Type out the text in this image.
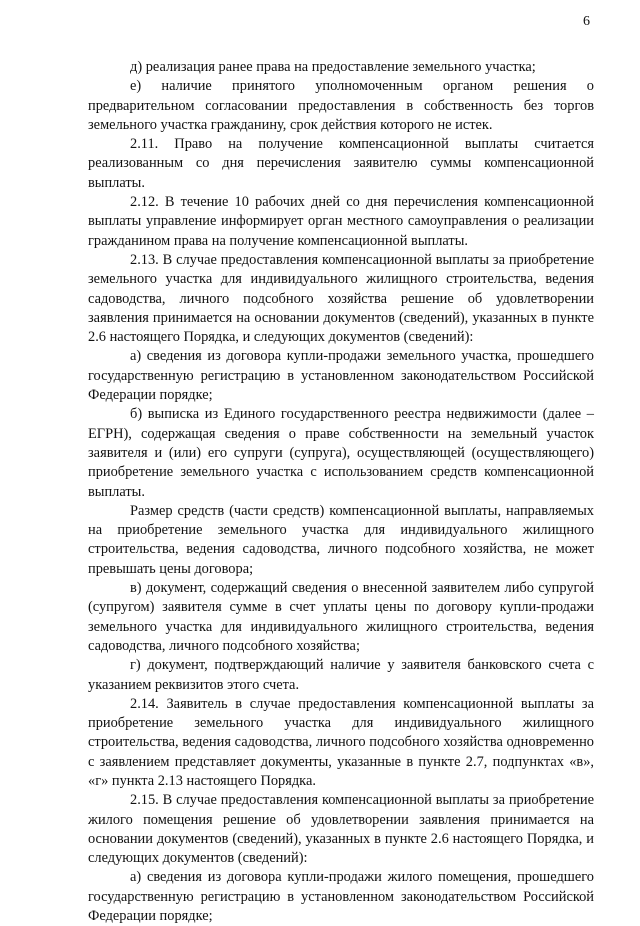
6

д) реализация ранее права на предоставление земельного участка;

е) наличие принятого уполномоченным органом решения о предварительном согласовании предоставления в собственность без торгов земельного участка гражданину, срок действия которого не истек.

2.11. Право на получение компенсационной выплаты считается реализованным со дня перечисления заявителю суммы компенсационной выплаты.

2.12. В течение 10 рабочих дней со дня перечисления компенсационной выплаты управление информирует орган местного самоуправления о реализации гражданином права на получение компенсационной выплаты.

2.13. В случае предоставления компенсационной выплаты за приобретение земельного участка для индивидуального жилищного строительства, ведения садоводства, личного подсобного хозяйства решение об удовлетворении заявления принимается на основании документов (сведений), указанных в пункте 2.6 настоящего Порядка, и следующих документов (сведений):

а) сведения из договора купли-продажи земельного участка, прошедшего государственную регистрацию в установленном законодательством Российской Федерации порядке;

б) выписка из Единого государственного реестра недвижимости (далее – ЕГРН), содержащая сведения о праве собственности на земельный участок заявителя и (или) его супруги (супруга), осуществляющей (осуществляющего) приобретение земельного участка с использованием средств компенсационной выплаты.

Размер средств (части средств) компенсационной выплаты, направляемых на приобретение земельного участка для индивидуального жилищного строительства, ведения садоводства, личного подсобного хозяйства, не может превышать цены договора;

в) документ, содержащий сведения о внесенной заявителем либо супругой (супругом) заявителя сумме в счет уплаты цены по договору купли-продажи земельного участка для индивидуального жилищного строительства, ведения садоводства, личного подсобного хозяйства;

г) документ, подтверждающий наличие у заявителя банковского счета с указанием реквизитов этого счета.

2.14. Заявитель в случае предоставления компенсационной выплаты за приобретение земельного участка для индивидуального жилищного строительства, ведения садоводства, личного подсобного хозяйства одновременно с заявлением представляет документы, указанные в пункте 2.7, подпунктах «в», «г» пункта 2.13 настоящего Порядка.

2.15. В случае предоставления компенсационной выплаты за приобретение жилого помещения решение об удовлетворении заявления принимается на основании документов (сведений), указанных в пункте 2.6 настоящего Порядка, и следующих документов (сведений):

а) сведения из договора купли-продажи жилого помещения, прошедшего государственную регистрацию в установленном законодательством Российской Федерации порядке;
